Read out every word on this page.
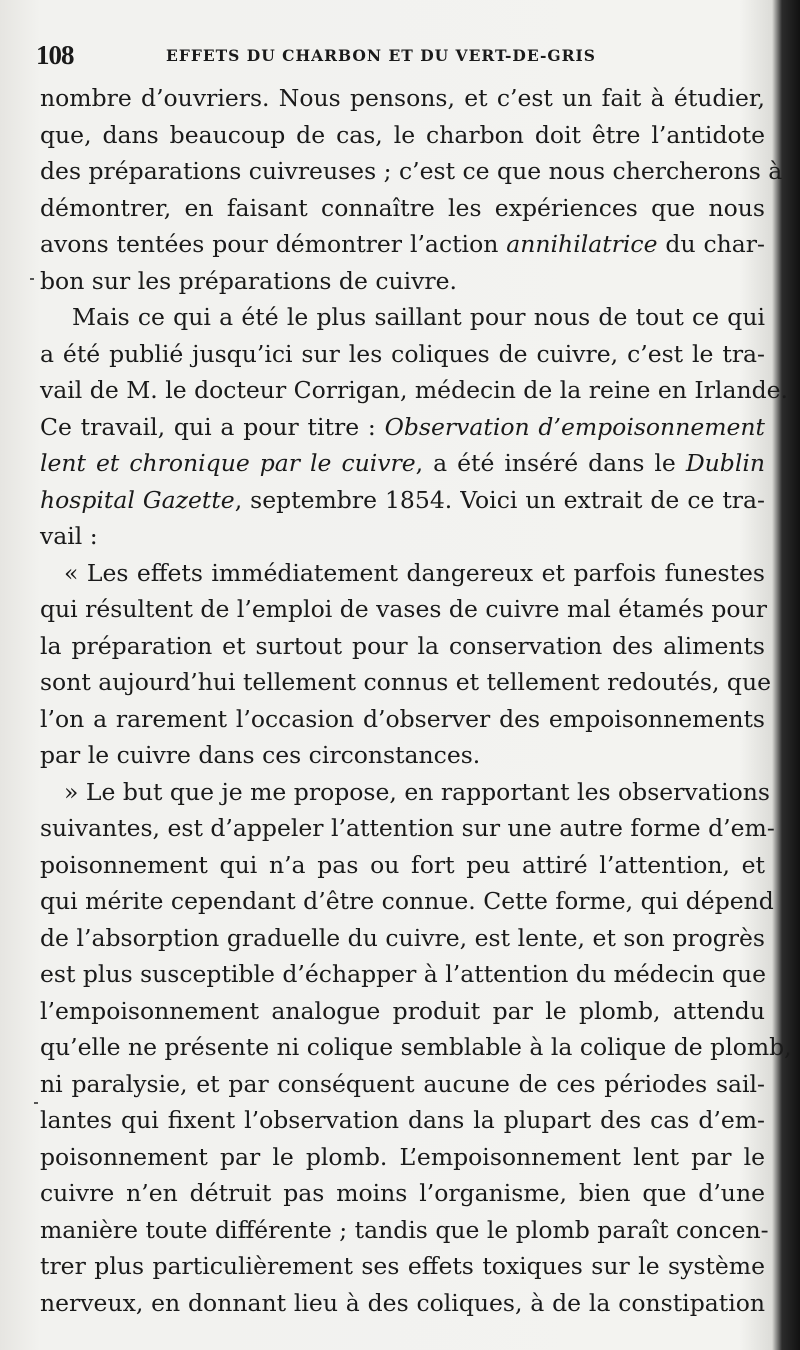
108	EFFETS DU CHARBON ET DU VERT-DE-GRIS
nombre d’ouvriers. Nous pensons, et c’est un fait à étudier,
que, dans beaucoup de cas, le charbon doit être l’antidote
des préparations cuivreuses ; c’est ce que nous chercherons à
démontrer, en faisant connaître les expériences que nous
avons tentées pour démontrer l’action annihilatrice du char-
bon sur les préparations de cuivre.
Mais ce qui a été le plus saillant pour nous de tout ce qui
a été publié jusqu’ici sur les coliques de cuivre, c’est le tra-
vail de M. le docteur Corrigan, médecin de la reine en Irlande.
Ce travail, qui a pour titre : Observation d’empoisonnement
lent et chronique par le cuivre, a été inséré dans le Dublin
hospital Gazette, septembre 1854. Voici un extrait de ce tra-
vail :
« Les effets immédiatement dangereux et parfois funestes
qui résultent de l’emploi de vases de cuivre mal étamés pour
la préparation et surtout pour la conservation des aliments
sont aujourd’hui tellement connus et tellement redoutés, que
l’on a rarement l’occasion d’observer des empoisonnements
par le cuivre dans ces circonstances.
» Le but que je me propose, en rapportant les observations
suivantes, est d’appeler l’attention sur une autre forme d’em-
poisonnement qui n’a pas ou fort peu attiré l’attention, et
qui mérite cependant d’être connue. Cette forme, qui dépend
de l’absorption graduelle du cuivre, est lente, et son progrès
est plus susceptible d’échapper à l’attention du médecin que
l’empoisonnement analogue produit par le plomb, attendu
qu’elle ne présente ni colique semblable à la colique de plomb,
ni paralysie, et par conséquent aucune de ces périodes sail-
lantes qui fixent l’observation dans la plupart des cas d’em-
poisonnement par le plomb. L’empoisonnement lent par le
cuivre n’en détruit pas moins l’organisme, bien que d’une
manière toute différente ; tandis que le plomb paraît concen-
trer plus particulièrement ses effets toxiques sur le système
nerveux, en donnant lieu à des coliques, à de la constipation
